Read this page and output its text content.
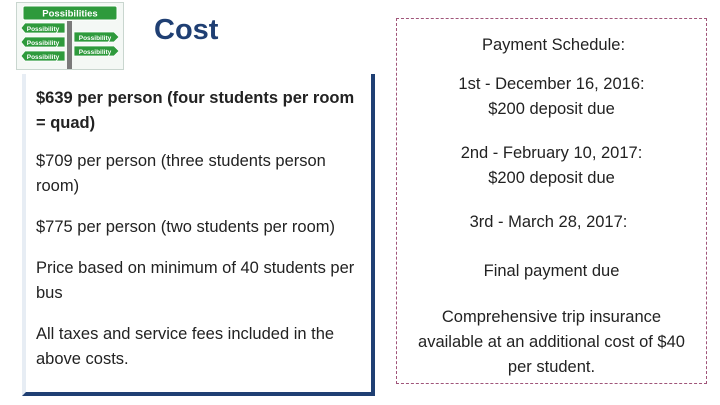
Possibilities
Possibility
Possibility
Possibility
Possibility
Possibility
Cost
$639 per person (four students per room = quad)
$709 per person (three students person room)
$775 per person (two students per room)
Price based on minimum of 40 students per bus
All taxes and service fees included in the above costs.
Payment Schedule:
1st - December 16, 2016:
$200 deposit due
2nd - February 10, 2017:
$200 deposit due
3rd - March 28, 2017:
Final payment due
Comprehensive trip insurance available at an additional cost of $40 per student.
